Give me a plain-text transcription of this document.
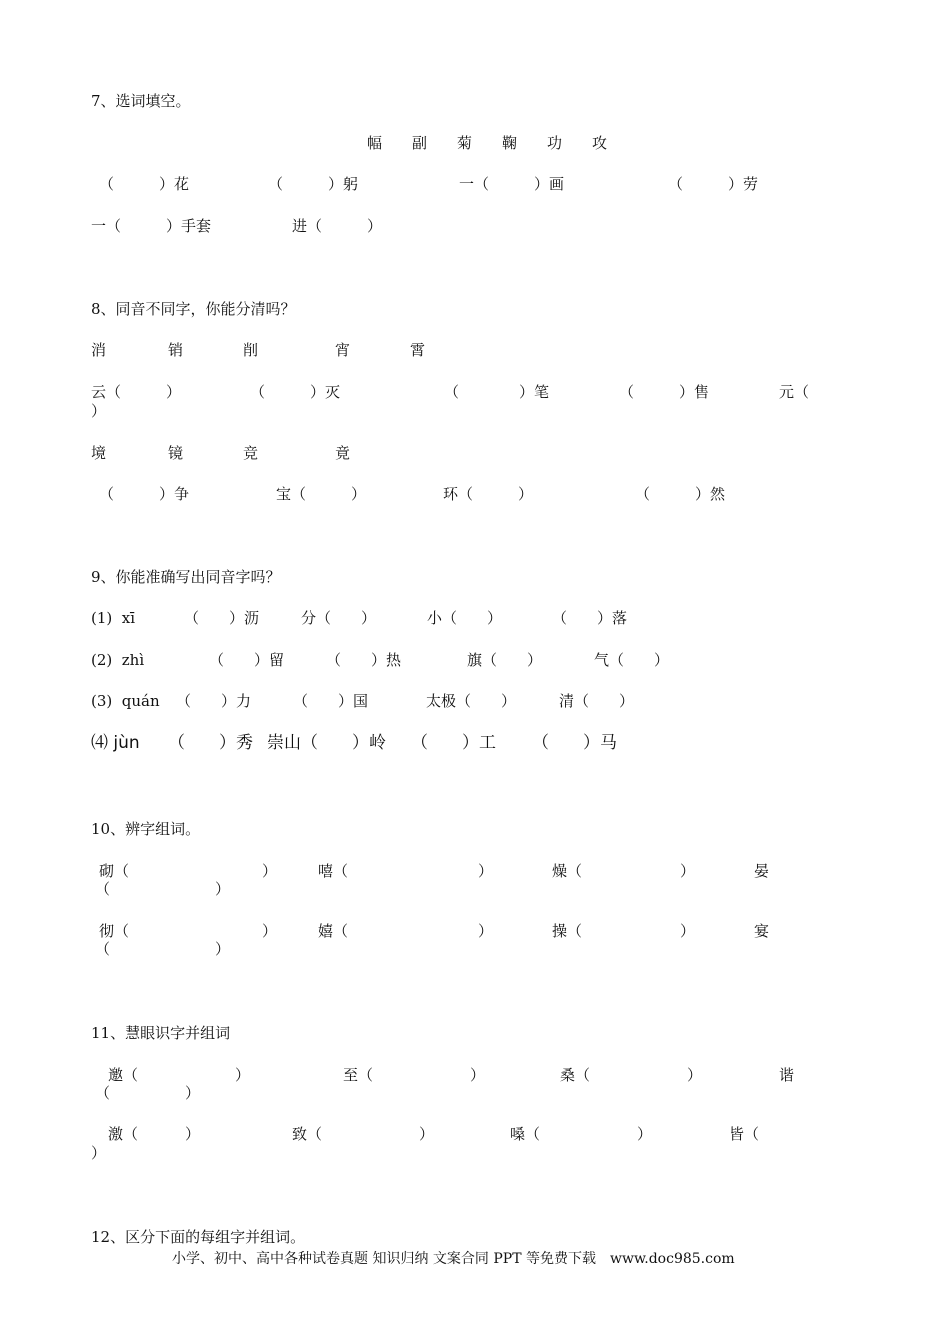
7、选词填空。
幅　　副　　菊　　鞠　　功　　攻
（　　　）花	（　　　）躬	一（　　　）画	（　　　）劳
一（　　　）手套	进（　　　）
8、同音不同字，你能分清吗？
消	销	削	宵	霄
云（　　　）	（　　　）灭	（　　　　）笔	（　　　）售	元（
）
境	镜	竞	竟
（　　　）争	宝（　　　）	环（　　　）	（　　　）然
9、你能准确写出同音字吗？
(1)  xī	（　　）沥	分（　　）	小（　　）	（　　）落
(2)  zhì	（　　）留	（　　）热	旗（　　）	气（　　）
(3)  quán （　　）力	（　　）国	太极（　　）	清（　　）
⑷ jùn （　　）秀 崇山（　　）岭 （　　）工 （　　）马
10、辨字组词。
砌（	）	嘻（	）	燥（	）	晏
（　　　　　　　）
彻（	）	嬉（	）	操（	）	宴
（　　　　　　　）
11、慧眼识字并组词
邀（	）	至（	）	桑（	）	谐
（　　　　　）
激（	）	致（	）	嗓（	）	皆（
）
12、区分下面的每组字并组词。
小学、初中、高中各种试卷真题 知识归纳 文案合同 PPT 等免费下载　www.doc985.com
